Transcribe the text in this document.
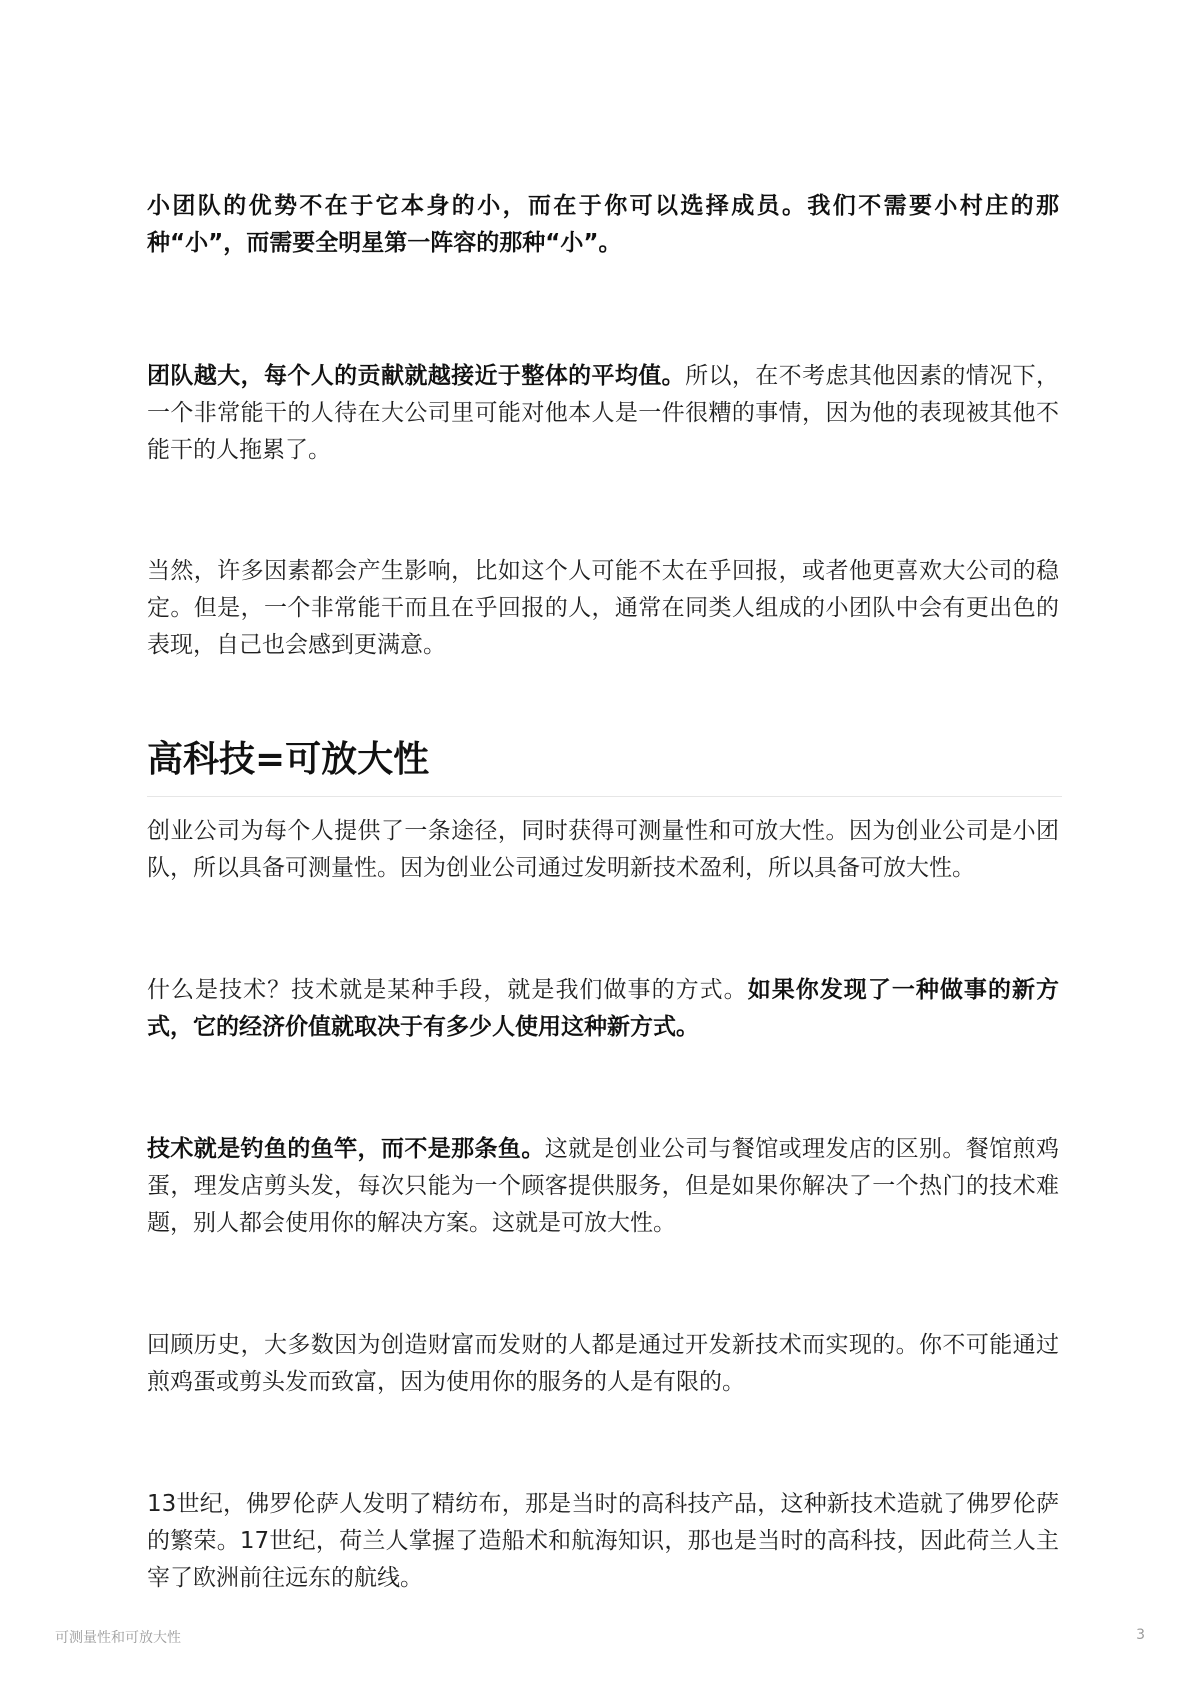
小团队的优势不在于它本身的小，而在于你可以选择成员。我们不需要小村庄的那种“小”，而需要全明星第一阵容的那种“小”。

团队越大，每个人的贡献就越接近于整体的平均值。所以，在不考虑其他因素的情况下，一个非常能干的人待在大公司里可能对他本人是一件很糟的事情，因为他的表现被其他不能干的人拖累了。

当然，许多因素都会产生影响，比如这个人可能不太在乎回报，或者他更喜欢大公司的稳定。但是，一个非常能干而且在乎回报的人，通常在同类人组成的小团队中会有更出色的表现，自己也会感到更满意。

高科技=可放大性

创业公司为每个人提供了一条途径，同时获得可测量性和可放大性。因为创业公司是小团队，所以具备可测量性。因为创业公司通过发明新技术盈利，所以具备可放大性。

什么是技术？技术就是某种手段，就是我们做事的方式。如果你发现了一种做事的新方式，它的经济价值就取决于有多少人使用这种新方式。

技术就是钓鱼的鱼竿，而不是那条鱼。这就是创业公司与餐馆或理发店的区别。餐馆煎鸡蛋，理发店剪头发，每次只能为一个顾客提供服务，但是如果你解决了一个热门的技术难题，别人都会使用你的解决方案。这就是可放大性。

回顾历史，大多数因为创造财富而发财的人都是通过开发新技术而实现的。你不可能通过煎鸡蛋或剪头发而致富，因为使用你的服务的人是有限的。

13世纪，佛罗伦萨人发明了精纺布，那是当时的高科技产品，这种新技术造就了佛罗伦萨的繁荣。17世纪，荷兰人掌握了造船术和航海知识，那也是当时的高科技，因此荷兰人主宰了欧洲前往远东的航线。

可测量性和可放大性	3
